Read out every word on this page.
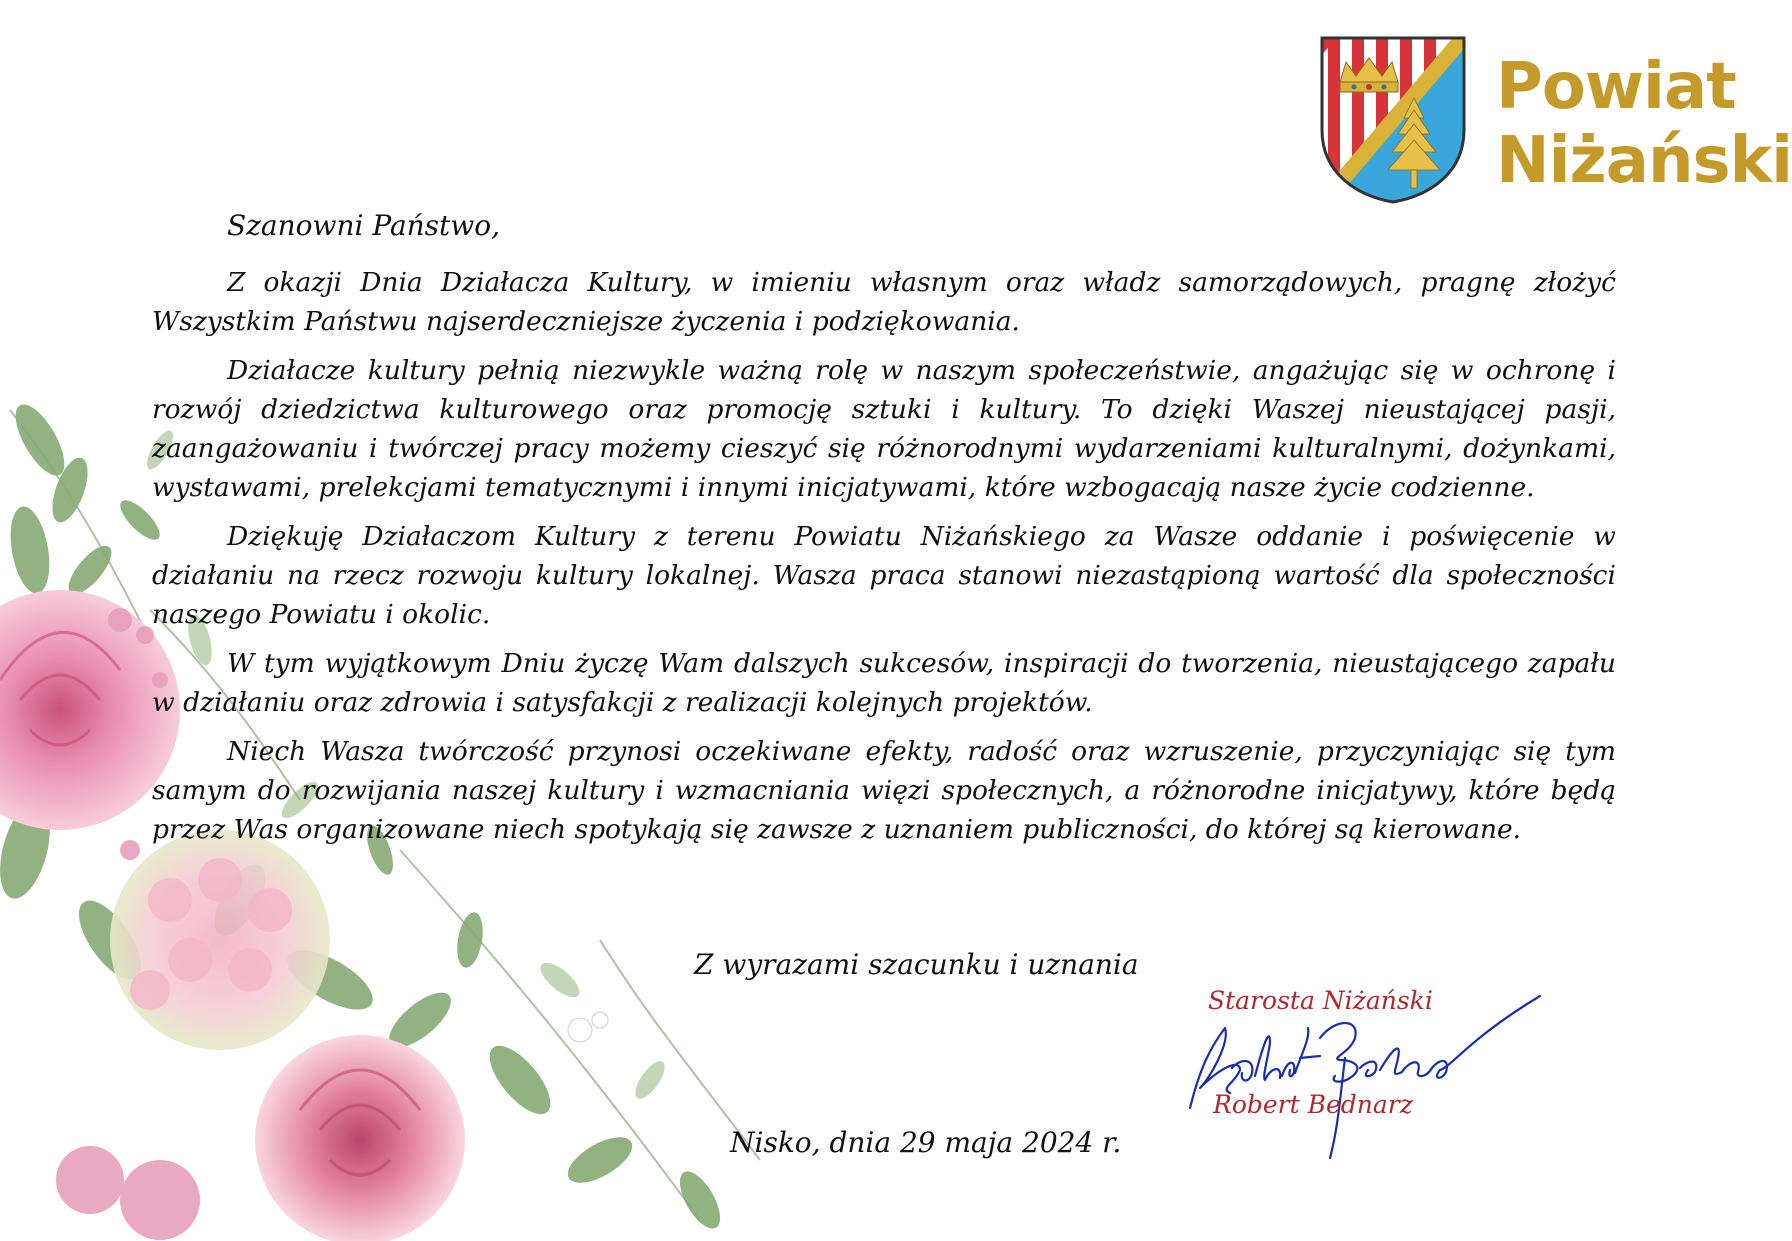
Powiat
Niżański
Szanowni Państwo,

Z okazji Dnia Działacza Kultury, w imieniu własnym oraz władz samorządowych, pragnę złożyć Wszystkim Państwu najserdeczniejsze życzenia i podziękowania.

Działacze kultury pełnią niezwykle ważną rolę w naszym społeczeństwie, angażując się w ochronę i rozwój dziedzictwa kulturowego oraz promocję sztuki i kultury. To dzięki Waszej nieustającej pasji, zaangażowaniu i twórczej pracy możemy cieszyć się różnorodnymi wydarzeniami kulturalnymi, dożynkami, wystawami, prelekcjami tematycznymi i innymi inicjatywami, które wzbogacają nasze życie codzienne.

Dziękuję Działaczom Kultury z terenu Powiatu Niżańskiego za Wasze oddanie i poświęcenie w działaniu na rzecz rozwoju kultury lokalnej. Wasza praca stanowi niezastąpioną wartość dla społeczności naszego Powiatu i okolic.

W tym wyjątkowym Dniu życzę Wam dalszych sukcesów, inspiracji do tworzenia, nieustającego zapału w działaniu oraz zdrowia i satysfakcji z realizacji kolejnych projektów.

Niech Wasza twórczość przynosi oczekiwane efekty, radość oraz wzruszenie, przyczyniając się tym samym do rozwijania naszej kultury i wzmacniania więzi społecznych, a różnorodne inicjatywy, które będą przez Was organizowane niech spotykają się zawsze z uznaniem publiczności, do której są kierowane.

Z wyrazami szacunku i uznania
Starosta Niżański
Robert Bednarz
Nisko, dnia 29 maja 2024 r.
